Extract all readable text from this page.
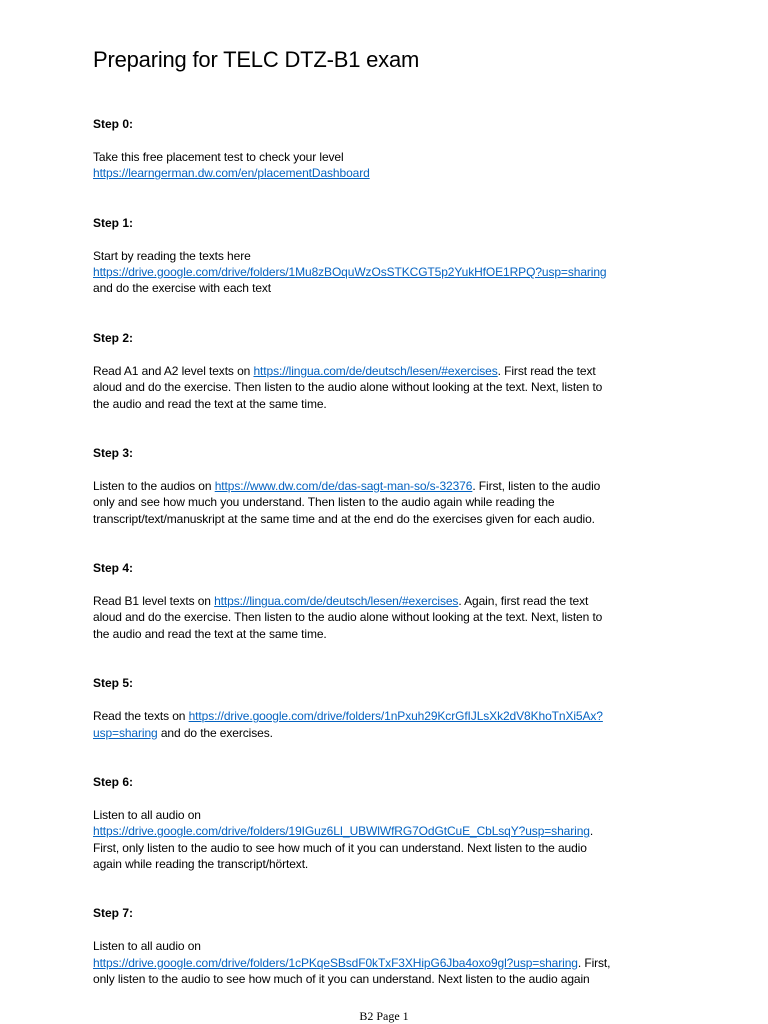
Preparing for TELC DTZ-B1 exam
Step 0:
Take this free placement test to check your level
https://learngerman.dw.com/en/placementDashboard
Step 1:
Start by reading the texts here
https://drive.google.com/drive/folders/1Mu8zBOquWzOsSTKCGT5p2YukHfOE1RPQ?usp=sharing
and do the exercise with each text
Step 2:
Read A1 and A2 level texts on https://lingua.com/de/deutsch/lesen/#exercises. First read the text
aloud and do the exercise. Then listen to the audio alone without looking at the text. Next, listen to
the audio and read the text at the same time.
Step 3:
Listen to the audios on https://www.dw.com/de/das-sagt-man-so/s-32376. First, listen to the audio
only and see how much you understand. Then listen to the audio again while reading the
transcript/text/manuskript at the same time and at the end do the exercises given for each audio.
Step 4:
Read B1 level texts on https://lingua.com/de/deutsch/lesen/#exercises. Again, first read the text
aloud and do the exercise. Then listen to the audio alone without looking at the text. Next, listen to
the audio and read the text at the same time.
Step 5:
Read the texts on https://drive.google.com/drive/folders/1nPxuh29KcrGfIJLsXk2dV8KhoTnXi5Ax?
usp=sharing and do the exercises.
Step 6:
Listen to all audio on
https://drive.google.com/drive/folders/19IGuz6LI_UBWlWfRG7OdGtCuE_CbLsqY?usp=sharing.
First, only listen to the audio to see how much of it you can understand. Next listen to the audio
again while reading the transcript/hörtext.
Step 7:
Listen to all audio on
https://drive.google.com/drive/folders/1cPKqeSBsdF0kTxF3XHipG6Jba4oxo9gl?usp=sharing. First,
only listen to the audio to see how much of it you can understand. Next listen to the audio again
B2 Page 1
